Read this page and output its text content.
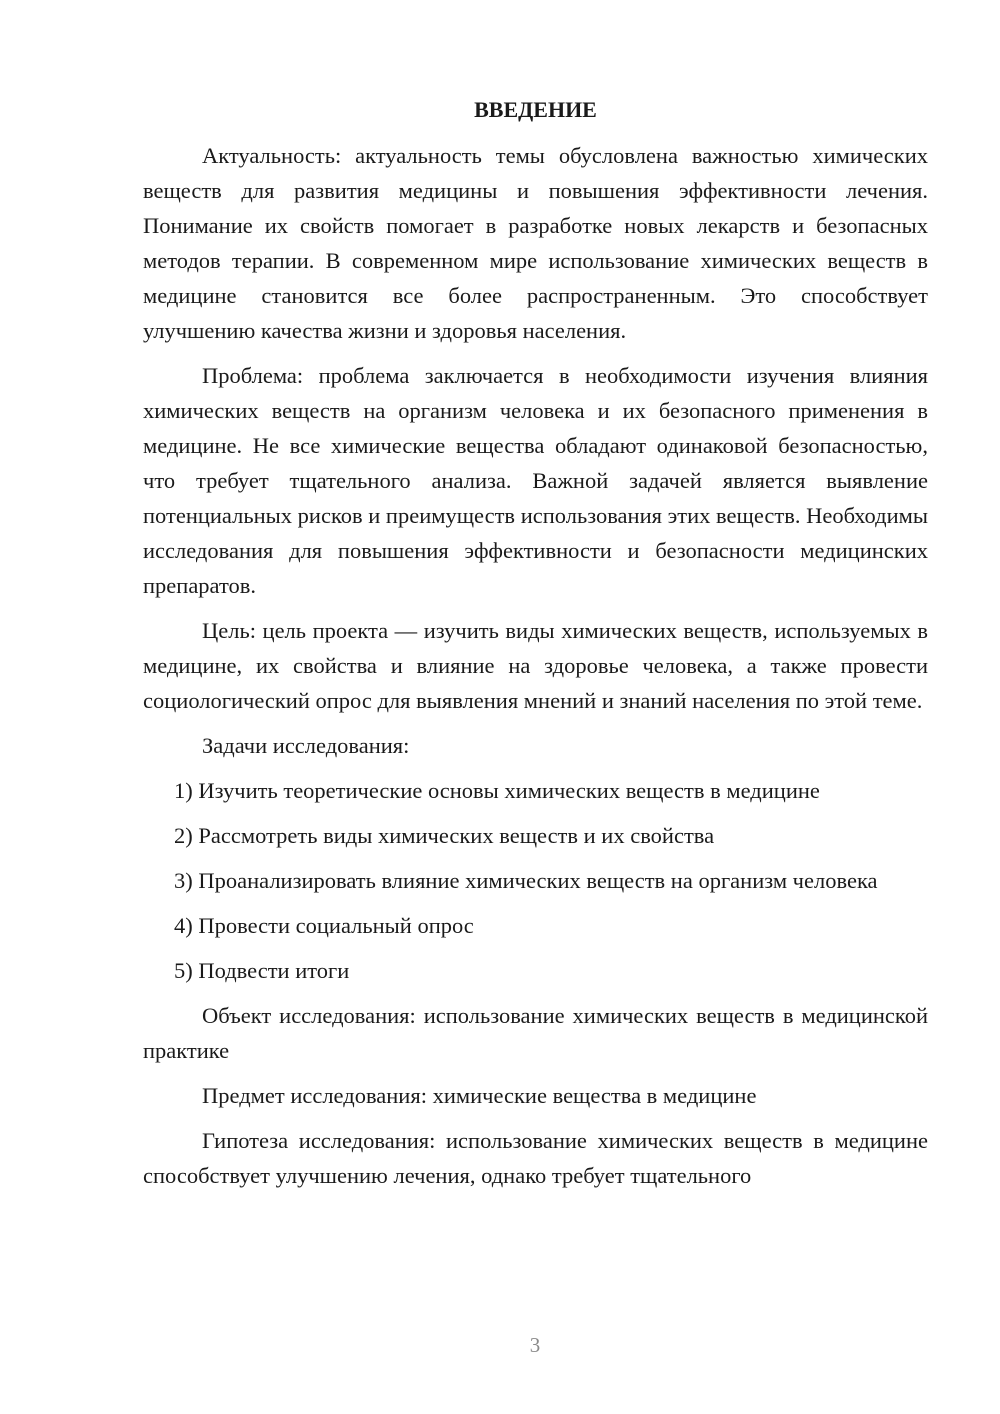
ВВЕДЕНИЕ

Актуальность: актуальность темы обусловлена важностью химических веществ для развития медицины и повышения эффективности лечения. Понимание их свойств помогает в разработке новых лекарств и безопасных методов терапии. В современном мире использование химических веществ в медицине становится все более распространенным. Это способствует улучшению качества жизни и здоровья населения.

Проблема: проблема заключается в необходимости изучения влияния химических веществ на организм человека и их безопасного применения в медицине. Не все химические вещества обладают одинаковой безопасностью, что требует тщательного анализа. Важной задачей является выявление потенциальных рисков и преимуществ использования этих веществ. Необходимы исследования для повышения эффективности и безопасности медицинских препаратов.

Цель: цель проекта — изучить виды химических веществ, используемых в медицине, их свойства и влияние на здоровье человека, а также провести социологический опрос для выявления мнений и знаний населения по этой теме.

Задачи исследования:

1) Изучить теоретические основы химических веществ в медицине

2) Рассмотреть виды химических веществ и их свойства

3) Проанализировать влияние химических веществ на организм человека

4) Провести социальный опрос

5) Подвести итоги

Объект исследования: использование химических веществ в медицинской практике

Предмет исследования: химические вещества в медицине

Гипотеза исследования: использование химических веществ в медицине способствует улучшению лечения, однако требует тщательного

3
